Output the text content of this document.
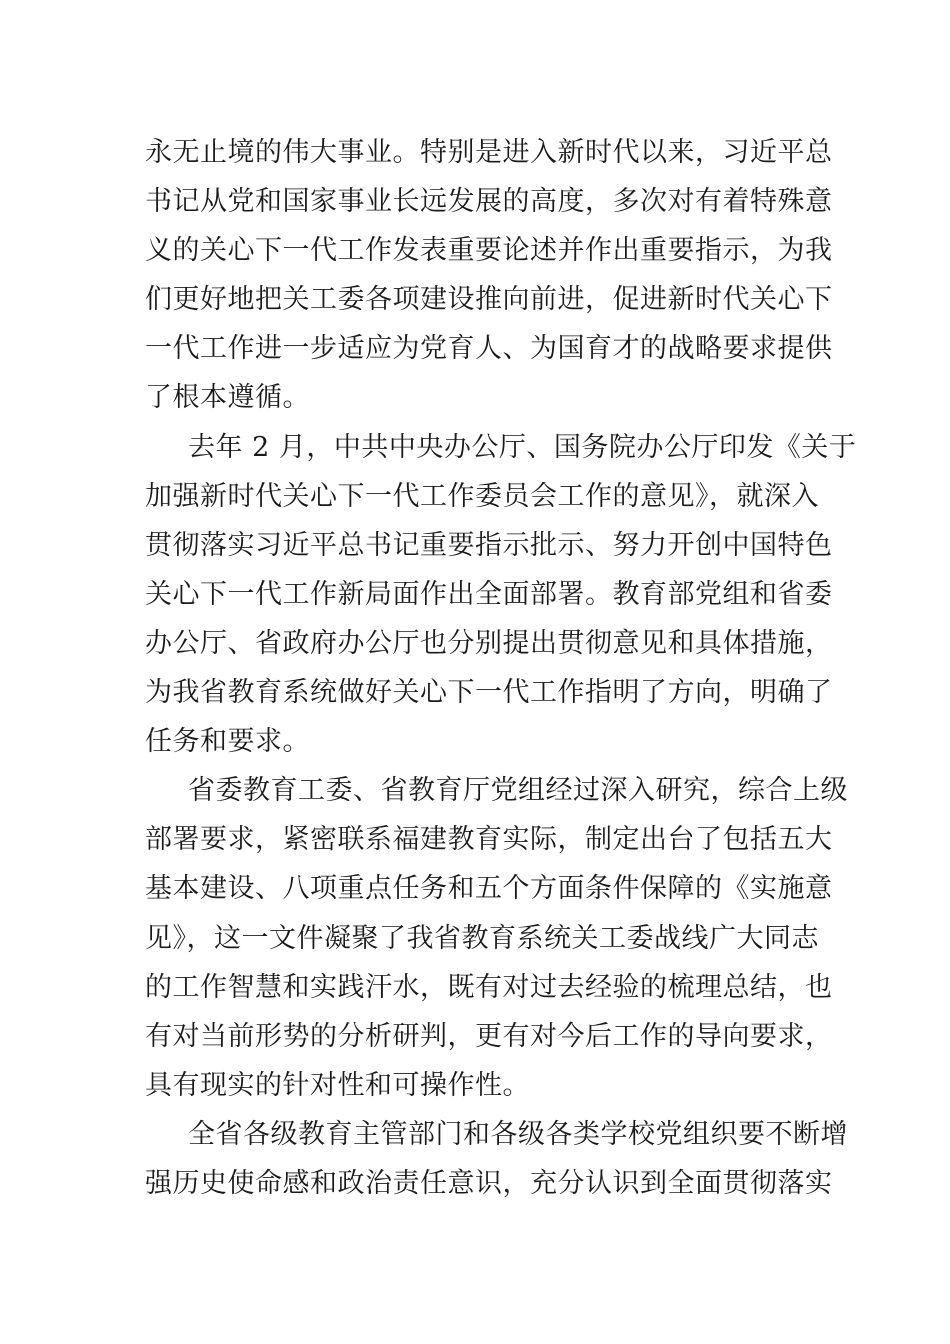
永无止境的伟大事业。特别是进入新时代以来，习近平总
书记从党和国家事业长远发展的高度，多次对有着特殊意
义的关心下一代工作发表重要论述并作出重要指示，为我
们更好地把关工委各项建设推向前进，促进新时代关心下
一代工作进一步适应为党育人、为国育才的战略要求提供
了根本遵循。
去年 2 月，中共中央办公厅、国务院办公厅印发《关于
加强新时代关心下一代工作委员会工作的意见》，就深入
贯彻落实习近平总书记重要指示批示、努力开创中国特色
关心下一代工作新局面作出全面部署。教育部党组和省委
办公厅、省政府办公厅也分别提出贯彻意见和具体措施，
为我省教育系统做好关心下一代工作指明了方向，明确了
任务和要求。
省委教育工委、省教育厅党组经过深入研究，综合上级
部署要求，紧密联系福建教育实际，制定出台了包括五大
基本建设、八项重点任务和五个方面条件保障的《实施意
见》，这一文件凝聚了我省教育系统关工委战线广大同志
的工作智慧和实践汗水，既有对过去经验的梳理总结，也
有对当前形势的分析研判，更有对今后工作的导向要求，
具有现实的针对性和可操作性。
全省各级教育主管部门和各级各类学校党组织要不断增
强历史使命感和政治责任意识，充分认识到全面贯彻落实
